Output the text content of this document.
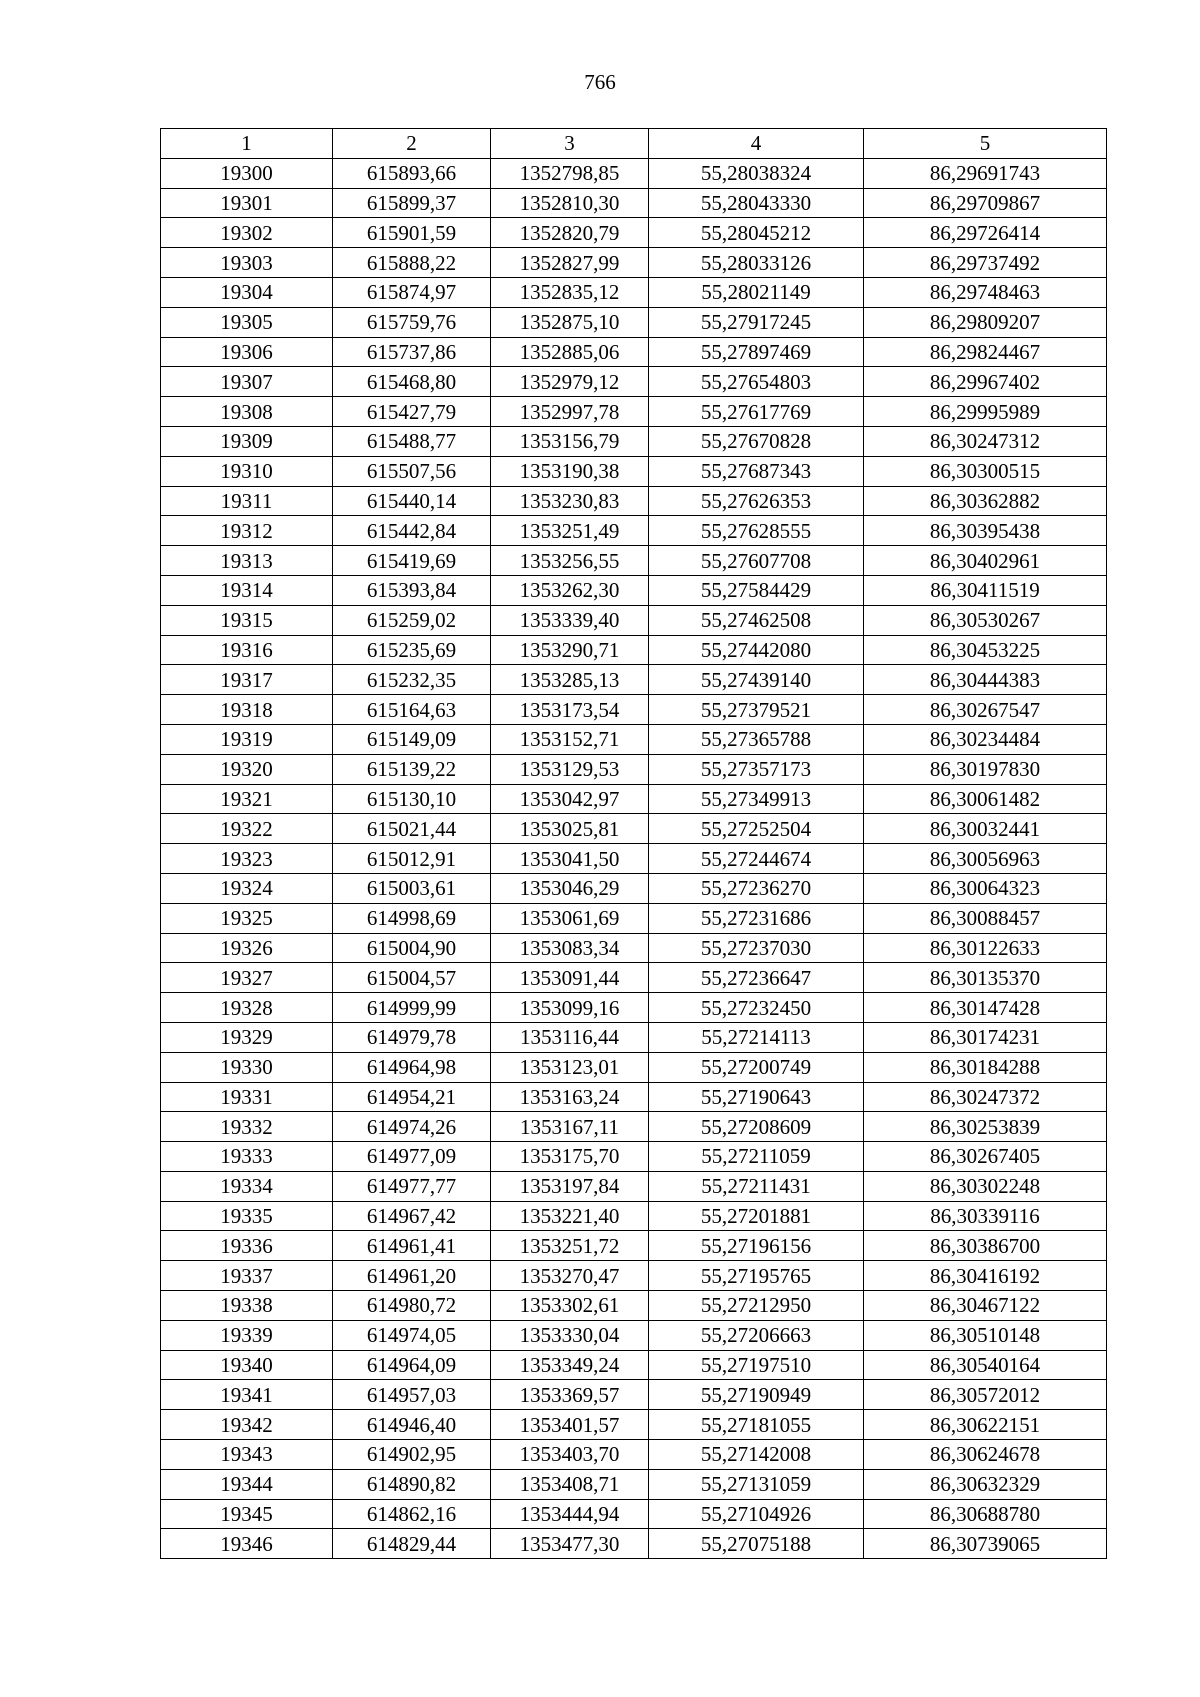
766
1	2	3	4	5
19300	615893,66	1352798,85	55,28038324	86,29691743
19301	615899,37	1352810,30	55,28043330	86,29709867
19302	615901,59	1352820,79	55,28045212	86,29726414
19303	615888,22	1352827,99	55,28033126	86,29737492
19304	615874,97	1352835,12	55,28021149	86,29748463
19305	615759,76	1352875,10	55,27917245	86,29809207
19306	615737,86	1352885,06	55,27897469	86,29824467
19307	615468,80	1352979,12	55,27654803	86,29967402
19308	615427,79	1352997,78	55,27617769	86,29995989
19309	615488,77	1353156,79	55,27670828	86,30247312
19310	615507,56	1353190,38	55,27687343	86,30300515
19311	615440,14	1353230,83	55,27626353	86,30362882
19312	615442,84	1353251,49	55,27628555	86,30395438
19313	615419,69	1353256,55	55,27607708	86,30402961
19314	615393,84	1353262,30	55,27584429	86,30411519
19315	615259,02	1353339,40	55,27462508	86,30530267
19316	615235,69	1353290,71	55,27442080	86,30453225
19317	615232,35	1353285,13	55,27439140	86,30444383
19318	615164,63	1353173,54	55,27379521	86,30267547
19319	615149,09	1353152,71	55,27365788	86,30234484
19320	615139,22	1353129,53	55,27357173	86,30197830
19321	615130,10	1353042,97	55,27349913	86,30061482
19322	615021,44	1353025,81	55,27252504	86,30032441
19323	615012,91	1353041,50	55,27244674	86,30056963
19324	615003,61	1353046,29	55,27236270	86,30064323
19325	614998,69	1353061,69	55,27231686	86,30088457
19326	615004,90	1353083,34	55,27237030	86,30122633
19327	615004,57	1353091,44	55,27236647	86,30135370
19328	614999,99	1353099,16	55,27232450	86,30147428
19329	614979,78	1353116,44	55,27214113	86,30174231
19330	614964,98	1353123,01	55,27200749	86,30184288
19331	614954,21	1353163,24	55,27190643	86,30247372
19332	614974,26	1353167,11	55,27208609	86,30253839
19333	614977,09	1353175,70	55,27211059	86,30267405
19334	614977,77	1353197,84	55,27211431	86,30302248
19335	614967,42	1353221,40	55,27201881	86,30339116
19336	614961,41	1353251,72	55,27196156	86,30386700
19337	614961,20	1353270,47	55,27195765	86,30416192
19338	614980,72	1353302,61	55,27212950	86,30467122
19339	614974,05	1353330,04	55,27206663	86,30510148
19340	614964,09	1353349,24	55,27197510	86,30540164
19341	614957,03	1353369,57	55,27190949	86,30572012
19342	614946,40	1353401,57	55,27181055	86,30622151
19343	614902,95	1353403,70	55,27142008	86,30624678
19344	614890,82	1353408,71	55,27131059	86,30632329
19345	614862,16	1353444,94	55,27104926	86,30688780
19346	614829,44	1353477,30	55,27075188	86,30739065
